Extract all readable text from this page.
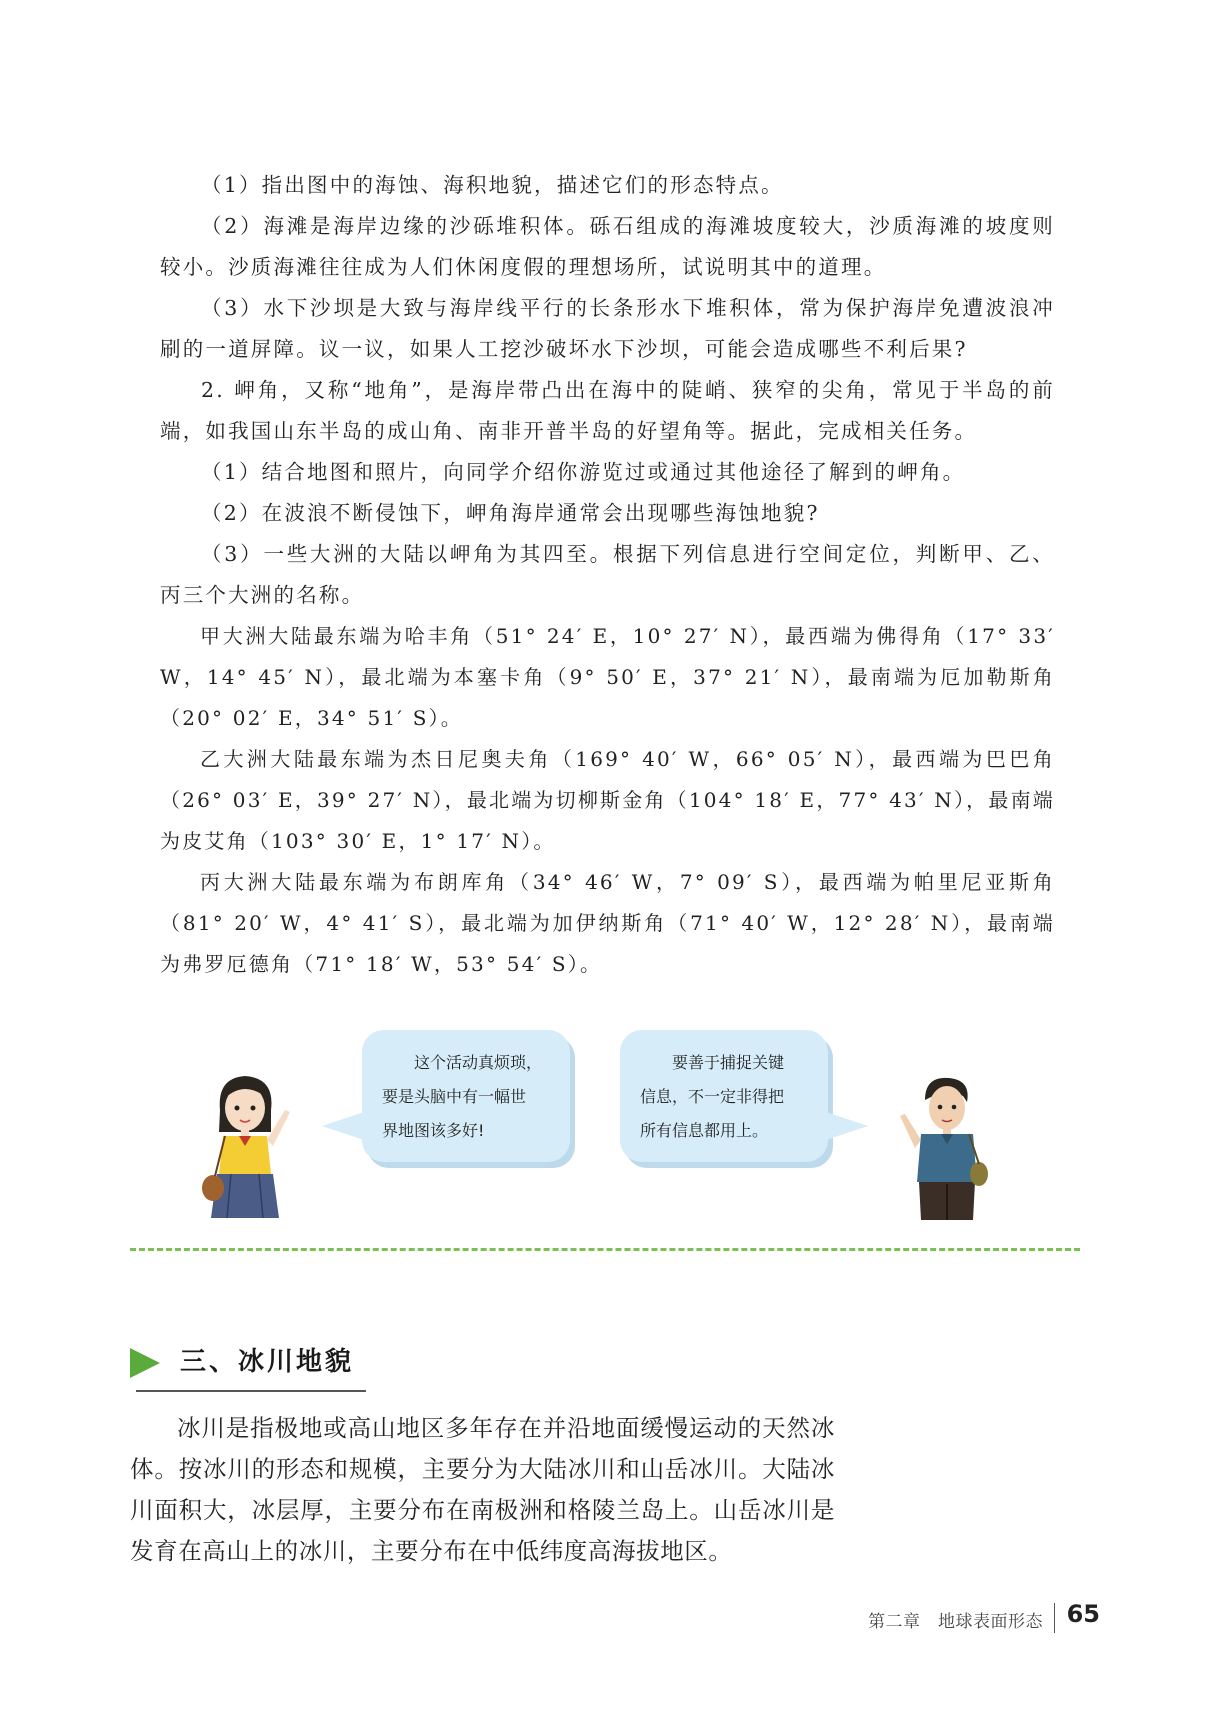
（1）指出图中的海蚀、海积地貌，描述它们的形态特点。

（2）海滩是海岸边缘的沙砾堆积体。砾石组成的海滩坡度较大，沙质海滩的坡度则较小。沙质海滩往往成为人们休闲度假的理想场所，试说明其中的道理。

（3）水下沙坝是大致与海岸线平行的长条形水下堆积体，常为保护海岸免遭波浪冲刷的一道屏障。议一议，如果人工挖沙破坏水下沙坝，可能会造成哪些不利后果?

2. 岬角，又称“地角”，是海岸带凸出在海中的陡峭、狭窄的尖角，常见于半岛的前端，如我国山东半岛的成山角、南非开普半岛的好望角等。据此，完成相关任务。

（1）结合地图和照片，向同学介绍你游览过或通过其他途径了解到的岬角。

（2）在波浪不断侵蚀下，岬角海岸通常会出现哪些海蚀地貌?

（3）一些大洲的大陆以岬角为其四至。根据下列信息进行空间定位，判断甲、乙、丙三个大洲的名称。

甲大洲大陆最东端为哈丰角（51° 24′ E，10° 27′ N），最西端为佛得角（17° 33′ W，14° 45′ N），最北端为本塞卡角（9° 50′ E，37° 21′ N），最南端为厄加勒斯角（20° 02′ E，34° 51′ S）。

乙大洲大陆最东端为杰日尼奥夫角（169° 40′ W，66° 05′ N），最西端为巴巴角（26° 03′ E，39° 27′ N），最北端为切柳斯金角（104° 18′ E，77° 43′ N），最南端为皮艾角（103° 30′ E，1° 17′ N）。

丙大洲大陆最东端为布朗库角（34° 46′ W，7° 09′ S），最西端为帕里尼亚斯角（81° 20′ W，4° 41′ S），最北端为加伊纳斯角（71° 40′ W，12° 28′ N），最南端为弗罗厄德角（71° 18′ W，53° 54′ S）。

这个活动真烦琐，
要是头脑中有一幅世
界地图该多好!
要善于捕捉关键
信息，不一定非得把
所有信息都用上。
三、冰川地貌

冰川是指极地或高山地区多年存在并沿地面缓慢运动的天然冰体。按冰川的形态和规模，主要分为大陆冰川和山岳冰川。大陆冰川面积大，冰层厚，主要分布在南极洲和格陵兰岛上。山岳冰川是发育在高山上的冰川，主要分布在中低纬度高海拔地区。

第二章　地球表面形态 65
